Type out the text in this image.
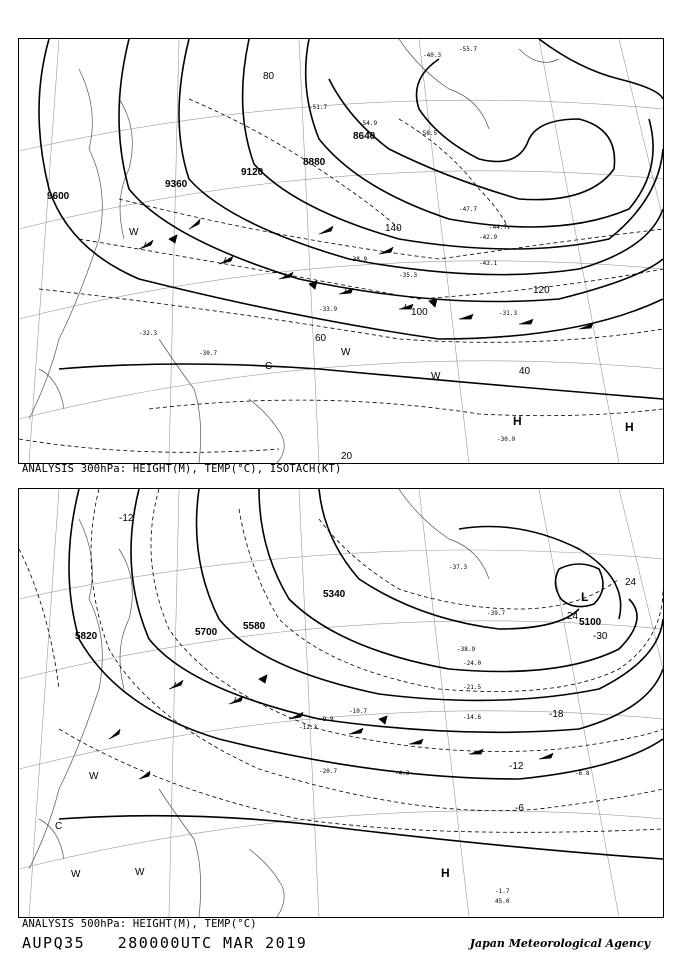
-40.3
-55.7
-58.5
-54.9
-51.7
-47.7
-43.1
-38.9
-35.3
-31.3
-30.7
-32.3
-33.9
-42.9
-44.7
-30.9
9600
9360
9120
8880
8640
40
60
80
100
120
140
20
H	H
W
W
W
C
ANALYSIS 300hPa: HEIGHT(M), TEMP(°C), ISOTACH(KT)
-37.3
-38.9
-21.5
-14.6
-9.9
-10.7
-12.3
-4.3	-6.8
-1.7
-39.7
-24.0
-20.7
45.0
5820	5700
5580
5340
5100
-12
-18
24
-30
-12
-6
24
L
H
W
W	W
C
ANALYSIS 500hPa: HEIGHT(M), TEMP(°C)
AUPQ35 280000UTC MAR 2019	Japan Meteorological Agency
